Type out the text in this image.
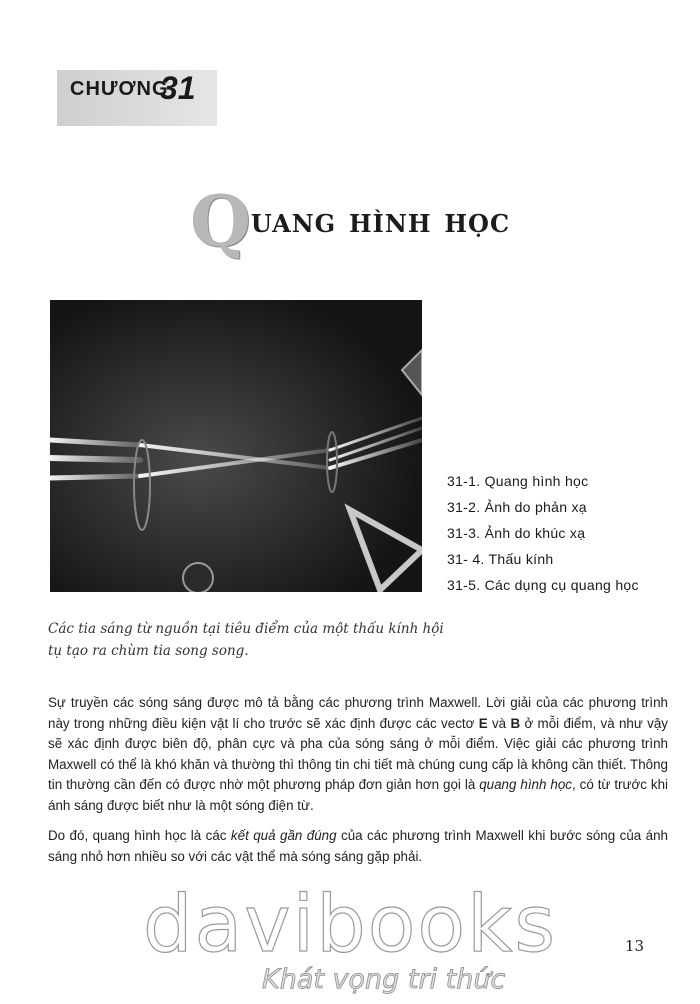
CHƯƠNG
31
Quang hình học
31-1. Quang hình học
31-2. Ảnh do phản xạ
31-3. Ảnh do khúc xạ
31- 4. Thấu kính
31-5. Các dụng cụ quang học
Các tia sáng từ nguồn tại tiêu điểm của một thấu kính hội tụ tạo ra chùm tia song song.

Sự truyền các sóng sáng được mô tả bằng các phương trình Maxwell. Lời giải của các phương trình này trong những điều kiện vật lí cho trước sẽ xác định được các vectơ E và B ở mỗi điểm, và như vậy sẽ xác định được biên độ, phân cực và pha của sóng sáng ở mỗi điểm. Việc giải các phương trình Maxwell có thể là khó khăn và thường thì thông tin chi tiết mà chúng cung cấp là không cần thiết. Thông tin thường cần đến có được nhờ một phương pháp đơn giản hơn gọi là quang hình học, có từ trước khi ánh sáng được biết như là một sóng điện từ.

Do đó, quang hình học là các kết quả gần đúng của các phương trình Maxwell khi bước sóng của ánh sáng nhỏ hơn nhiều so với các vật thể mà sóng sáng gặp phải.

13
davibooks
Khát vọng tri thức
